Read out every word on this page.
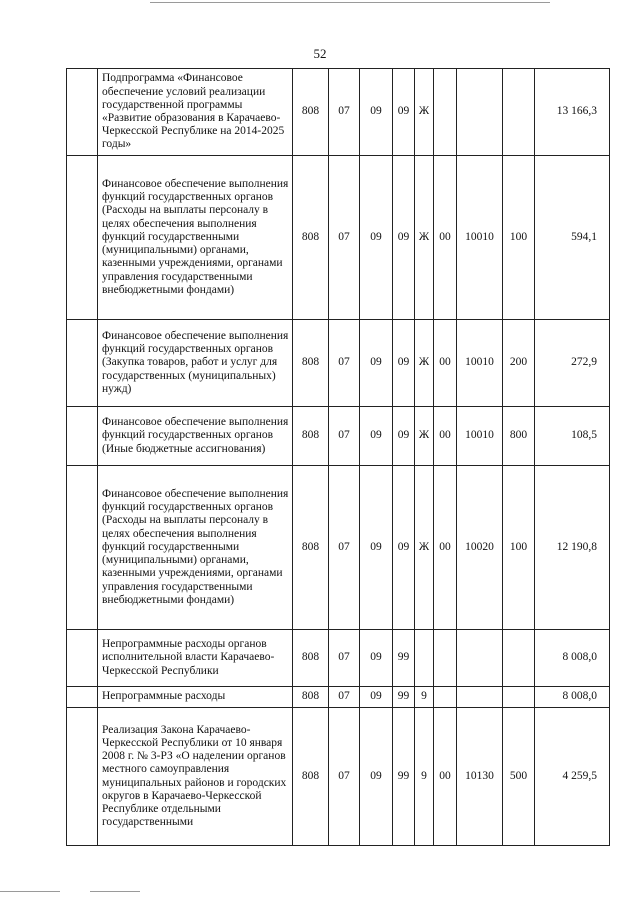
52
	Подпрограмма «Финансовое обеспечение условий реализации государственной программы «Развитие образования в Карачаево-Черкесской Республике на 2014-2025 годы»	808	07	09	09	Ж				13 166,3
	Финансовое обеспечение выполнения функций государственных органов (Расходы на выплаты персоналу в целях обеспечения выполнения функций государственными (муниципальными) органами, казенными учреждениями, органами управления государственными внебюджетными фондами)	808	07	09	09	Ж	00	10010	100	594,1
	Финансовое обеспечение выполнения функций государственных органов (Закупка товаров, работ и услуг для государственных (муниципальных) нужд)	808	07	09	09	Ж	00	10010	200	272,9
	Финансовое обеспечение выполнения функций государственных органов (Иные бюджетные ассигнования)	808	07	09	09	Ж	00	10010	800	108,5
	Финансовое обеспечение выполнения функций государственных органов (Расходы на выплаты персоналу в целях обеспечения выполнения функций государственными (муниципальными) органами, казенными учреждениями, органами управления государственными внебюджетными фондами)	808	07	09	09	Ж	00	10020	100	12 190,8
	Непрограммные расходы органов исполнительной власти Карачаево-Черкесской Республики	808	07	09	99					8 008,0
	Непрограммные расходы	808	07	09	99	9				8 008,0
	Реализация Закона Карачаево-Черкесской Республики от 10 января 2008 г. № 3-РЗ «О наделении органов местного самоуправления муниципальных районов и городских округов в Карачаево-Черкесской Республике отдельными государственными	808	07	09	99	9	00	10130	500	4 259,5
